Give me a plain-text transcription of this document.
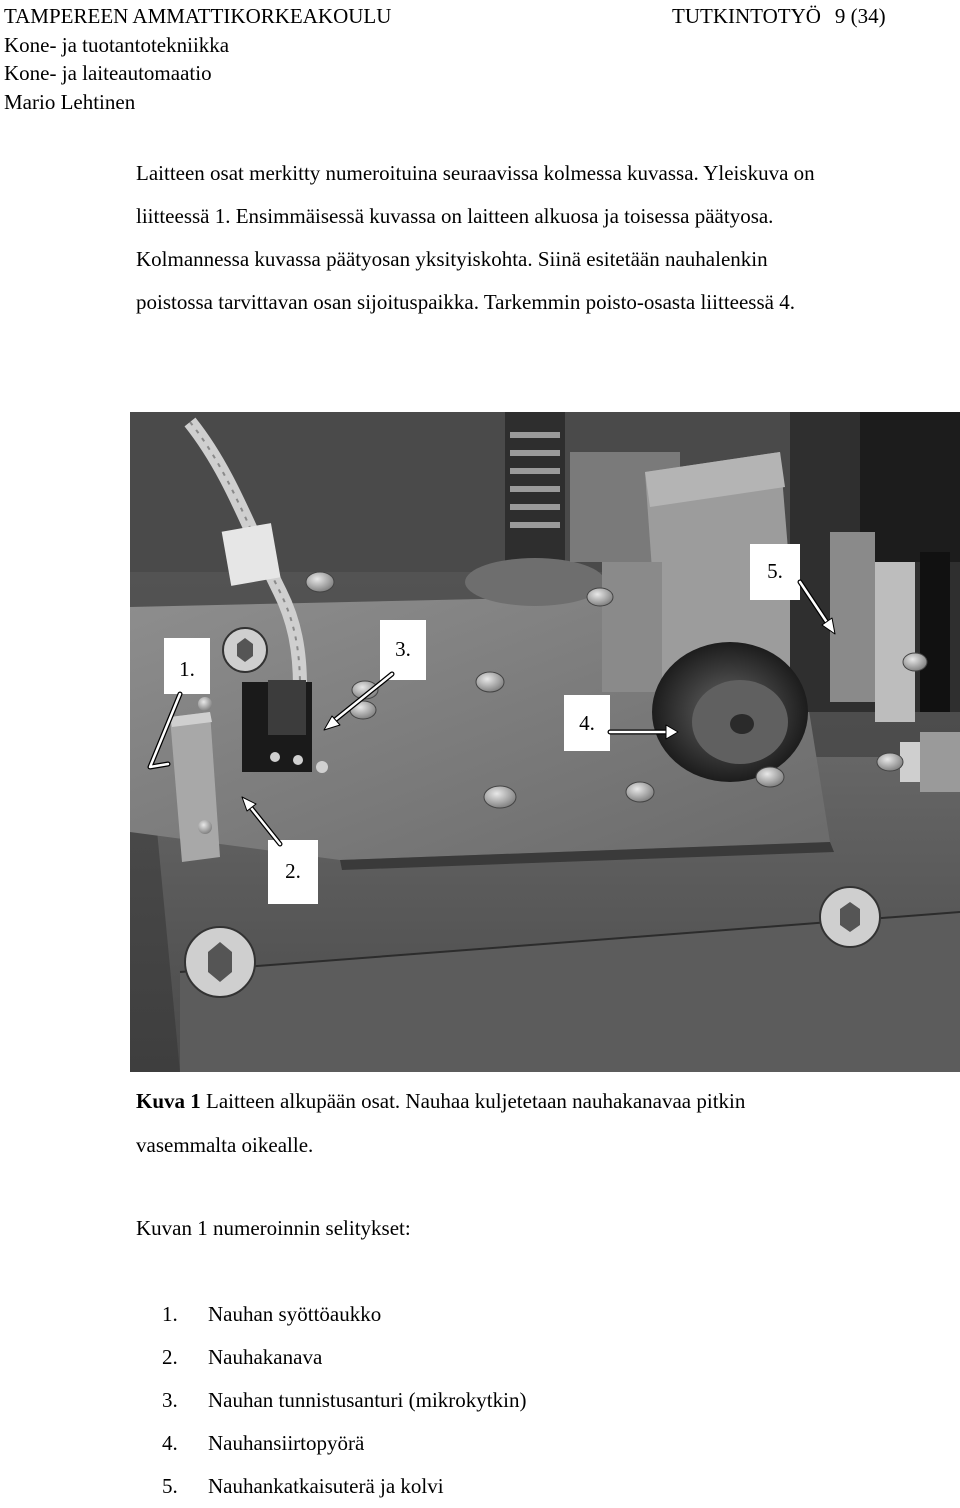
TAMPEREEN AMMATTIKORKEAKOULU
Kone- ja tuotantotekniikka
Kone- ja laiteautomaatio
Mario Lehtinen
TUTKINTOTYÖ 9 (34)

Laitteen osat merkitty numeroituina seuraavissa kolmessa kuvassa. Yleiskuva on

liitteessä 1. Ensimmäisessä kuvassa on laitteen alkuosa ja toisessa päätyosa.

Kolmannessa kuvassa päätyosan yksityiskohta. Siinä esitetään nauhalenkin

poistossa tarvittavan osan sijoituspaikka. Tarkemmin poisto-osasta liitteessä 4.

1.
2.
3.
4.
5.

Kuva 1 Laitteen alkupään osat. Nauhaa kuljetetaan nauhakanavaa pitkin

vasemmalta oikealle.

Kuvan 1 numeroinnin selitykset:
1. Nauhan syöttöaukko
2. Nauhakanava
3. Nauhan tunnistusanturi (mikrokytkin)
4. Nauhansiirtopyörä
5. Nauhankatkaisuterä ja kolvi
